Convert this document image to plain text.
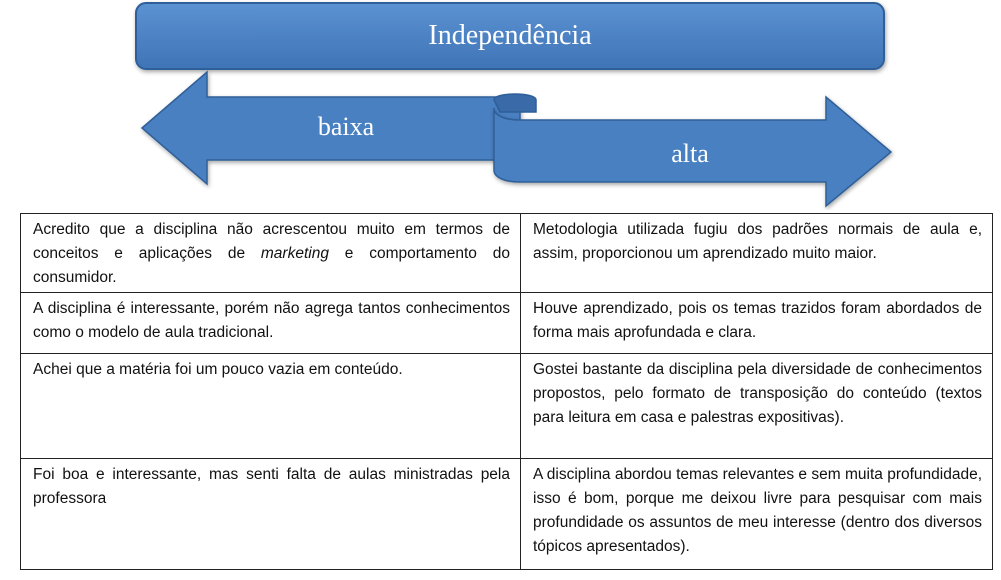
Independência
baixa
alta
Acredito que a disciplina não acrescentou muito em termos de conceitos e aplicações de marketing e comportamento do consumidor.	Metodologia utilizada fugiu dos padrões normais de aula e, assim, proporcionou um aprendizado muito maior.
A disciplina é interessante, porém não agrega tantos conhecimentos como o modelo de aula tradicional.	Houve aprendizado, pois os temas trazidos foram abordados de forma mais aprofundada e clara.
Achei que a matéria foi um pouco vazia em conteúdo.	Gostei bastante da disciplina pela diversidade de conhecimentos propostos, pelo formato de transposição do conteúdo (textos para leitura em casa e palestras expositivas).
Foi boa e interessante, mas senti falta de aulas ministradas pela professora	A disciplina abordou temas relevantes e sem muita profundidade, isso é bom, porque me deixou livre para pesquisar com mais profundidade os assuntos de meu interesse (dentro dos diversos tópicos apresentados).
